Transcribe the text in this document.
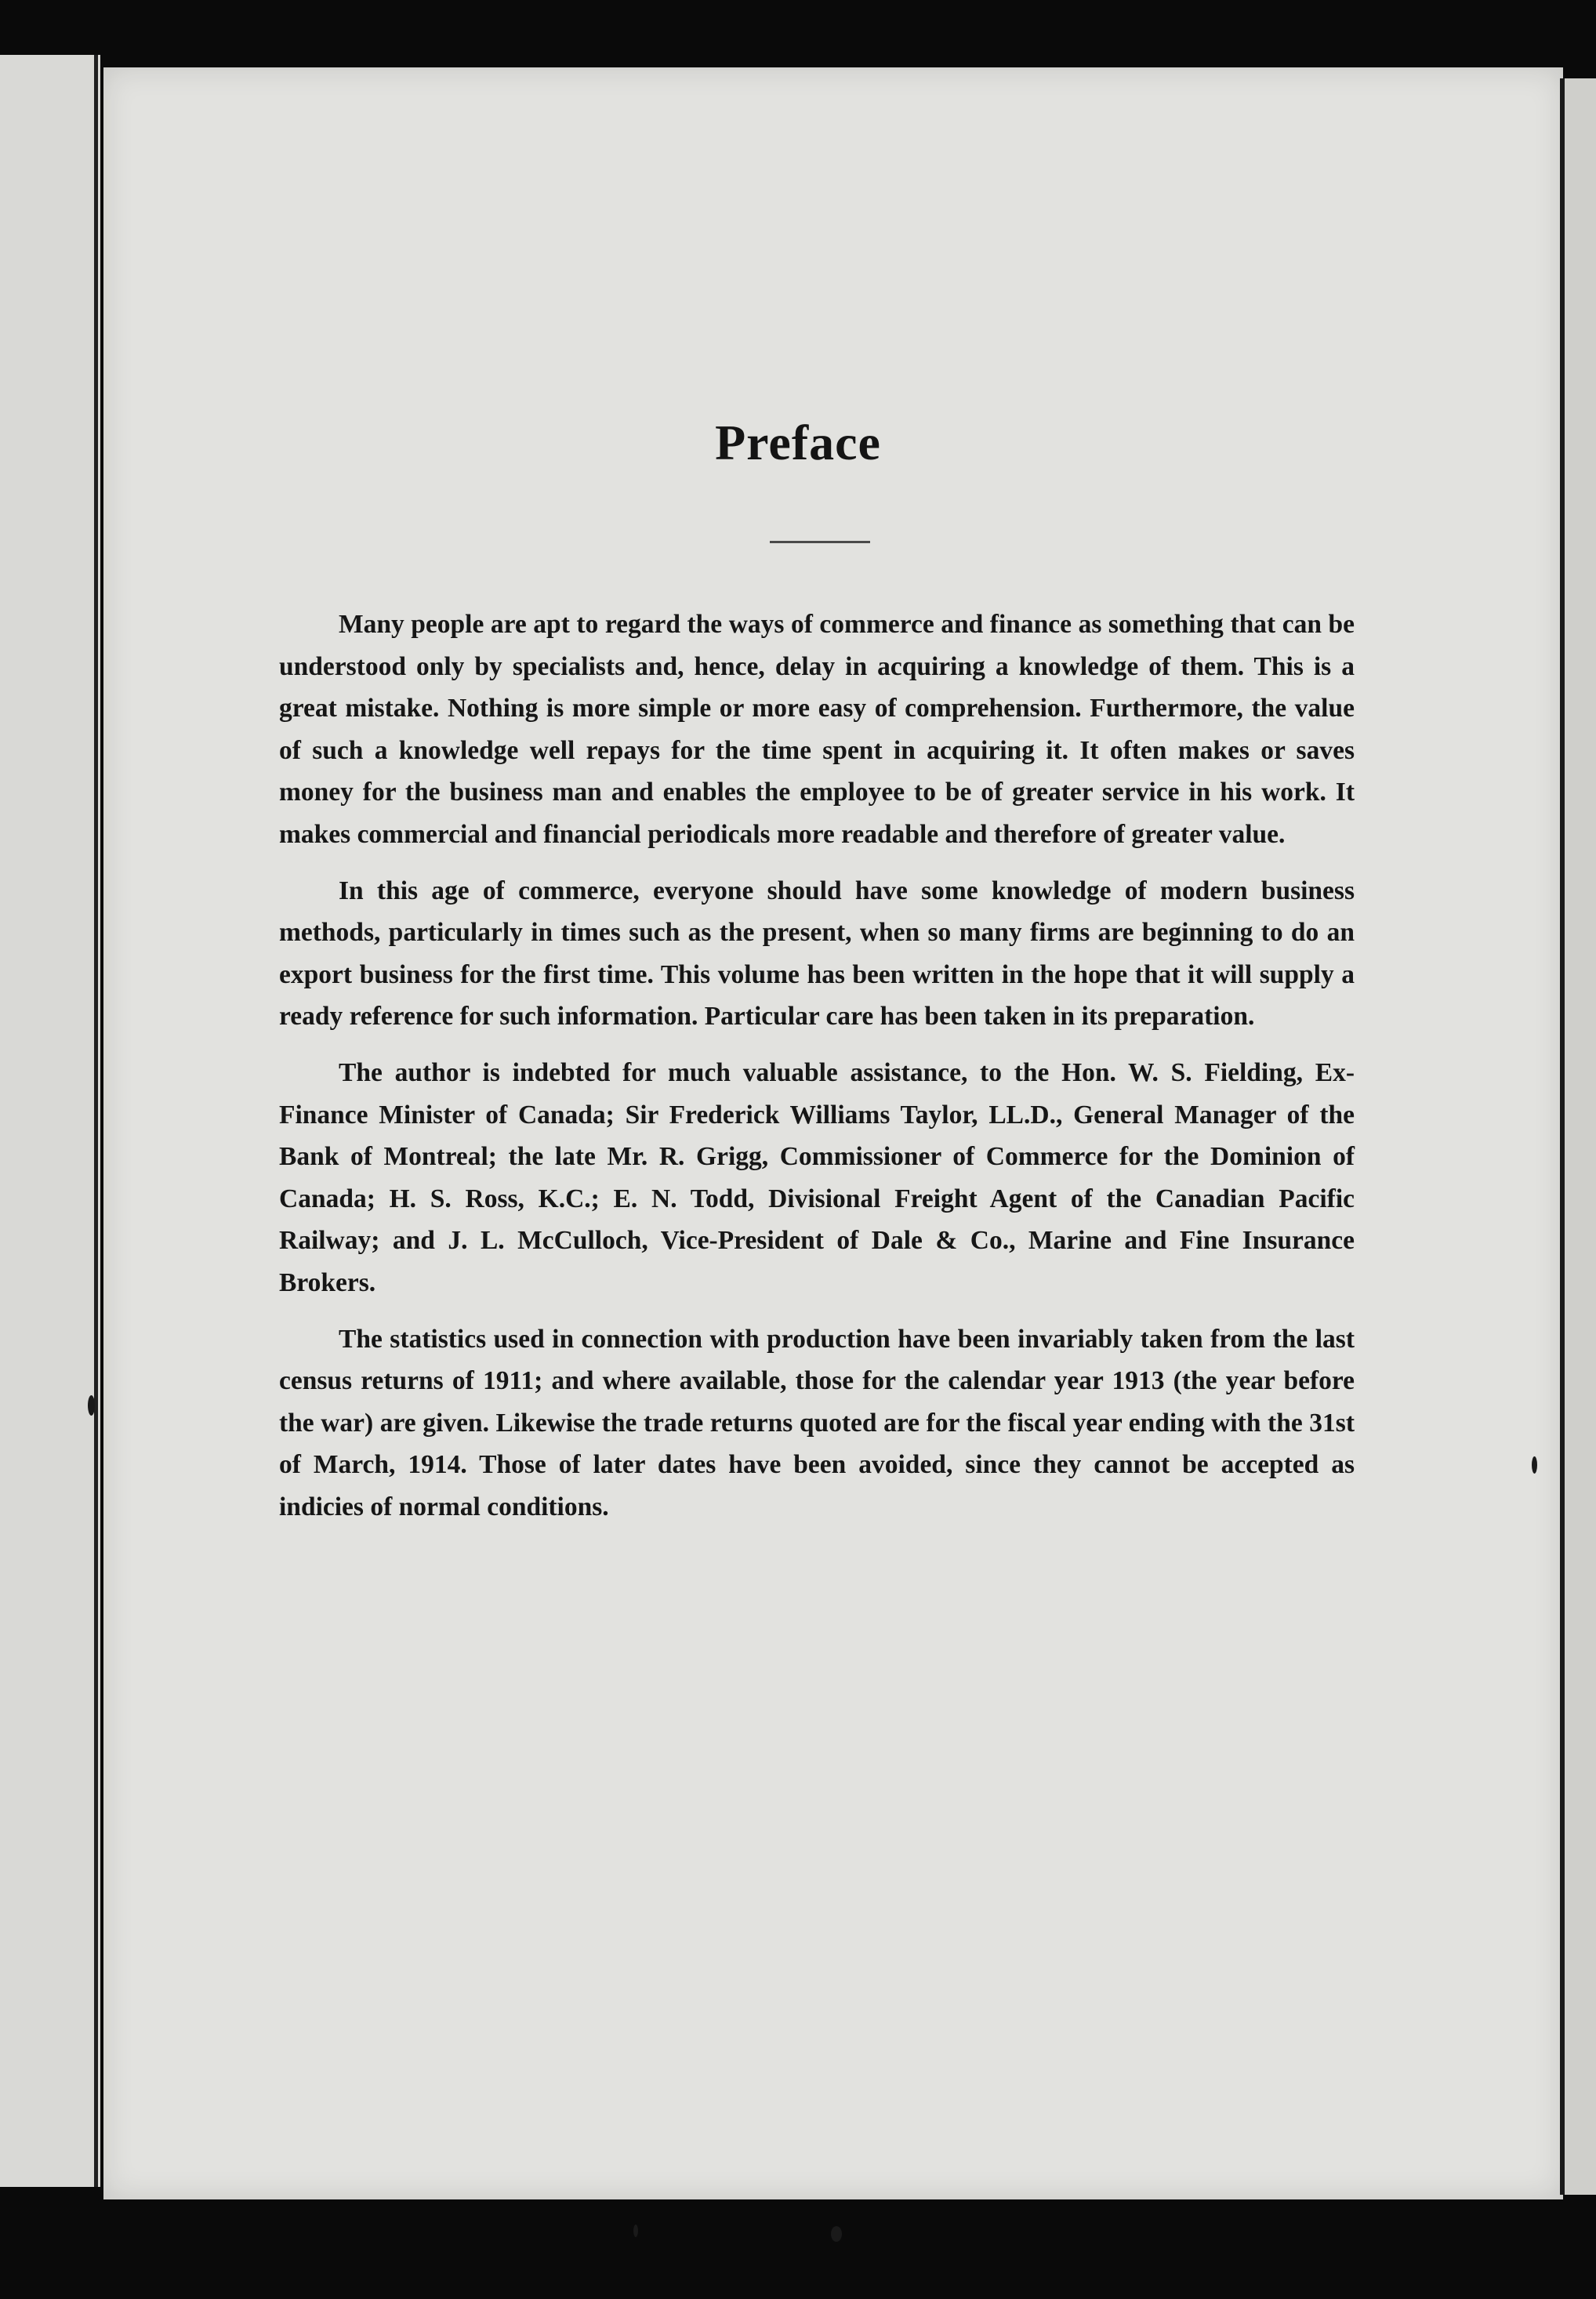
Preface

Many people are apt to regard the ways of commerce and finance as something that can be understood only by specialists and, hence, delay in acquiring a knowledge of them. This is a great mistake. Nothing is more simple or more easy of comprehension. Furthermore, the value of such a knowledge well repays for the time spent in acquiring it. It often makes or saves money for the business man and enables the employee to be of greater service in his work. It makes commercial and financial periodicals more readable and therefore of greater value.

In this age of commerce, everyone should have some knowledge of modern business methods, particularly in times such as the present, when so many firms are beginning to do an export business for the first time. This volume has been written in the hope that it will supply a ready reference for such information. Particular care has been taken in its preparation.

The author is indebted for much valuable assistance, to the Hon. W. S. Fielding, Ex-Finance Minister of Canada; Sir Frederick Williams Taylor, LL.D., General Manager of the Bank of Montreal; the late Mr. R. Grigg, Commissioner of Commerce for the Dominion of Canada; H. S. Ross, K.C.; E. N. Todd, Divisional Freight Agent of the Canadian Pacific Railway; and J. L. McCulloch, Vice-President of Dale & Co., Marine and Fine Insurance Brokers.

The statistics used in connection with production have been invariably taken from the last census returns of 1911; and where available, those for the calendar year 1913 (the year before the war) are given. Likewise the trade returns quoted are for the fiscal year ending with the 31st of March, 1914. Those of later dates have been avoided, since they cannot be accepted as indicies of normal conditions.
